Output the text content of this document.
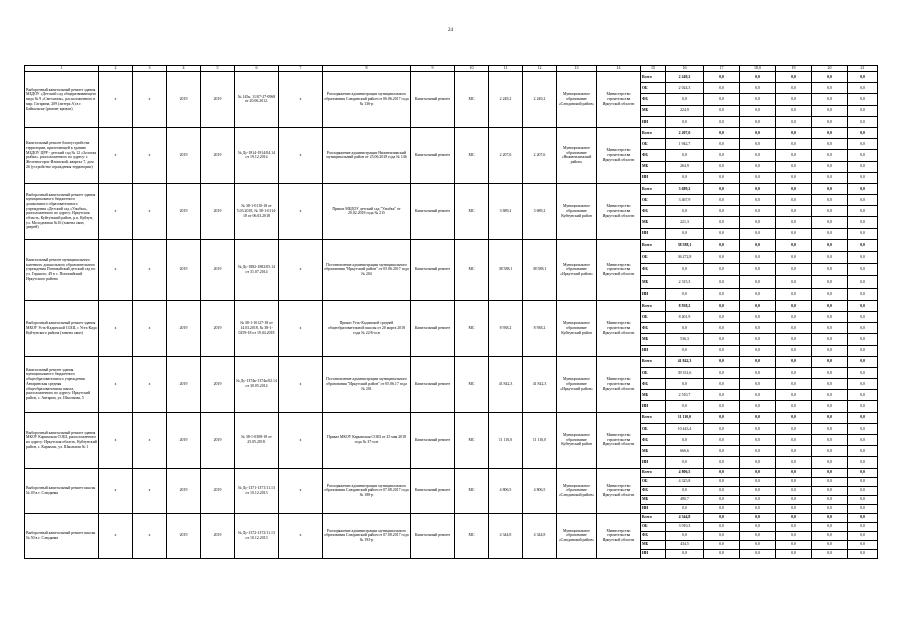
24
1	2	3	4	5	6	7	8	9	10	11	12	13	14	15	16	17	18,0	19	20	21
Выборочный капитальный ремонт здания МБДОУ «Детский сад общеразвивающего вида № 9 «Светлячок», расположенного в мкр. Гагарина, 209 (литера А) в г. Байкальске (ремонт кровли)	х	х	2019	2019	№ 145к. 11/07-27-0968 от 20.06.2012.	х	Распоряжение администрации муниципального образования Слюдянский район от 06.06.2017 года № 136-р	Капитальный ремонт	МС	2 249,2	2 249,2	Муниципальное образование «Слюдянский район»	Министерство строительства Иркутской области	Всего	2 249,2	0,0	0,0	0,0	0,0	0,0
														ОБ	2 024,3	0,0	0,0	0,0	0,0	0,0
														ФБ	0,0	0,0	0,0	0,0	0,0	0,0
														МБ	224,9	0,0	0,0	0,0	0,0	0,0
														ИИ	0,0	0,0	0,0	0,0	0,0	0,0
Капитальный ремонт благоустройства территории, прилегающей к зданию МБДОУ ЦРР - детский сад № 12 «Золотая рыбка», расположенного по адресу: г. Железногорск-Илимский, квартал 7, дом 26 (устройство ограждения территории)	х	х	2019	2019	№ Дс-1814-1814/04.14 от 19.12.2014	х	Распоряжение администрации Нижнеилимский муниципальный район от 25.06.2018 года № 146	Капитальный ремонт	МС	2 207,6	2 207,6	Муниципальное образование «Нижнеилимский район»	Министерство строительства Иркутской области	Всего	2 207,6	0,0	0,0	0,0	0,0	0,0
														ОБ	1 942,7	0,0	0,0	0,0	0,0	0,0
														ФБ	0,0	0,0	0,0	0,0	0,0	0,0
														МБ	264,9	0,0	0,0	0,0	0,0	0,0
														ИИ	0,0	0,0	0,0	0,0	0,0	0,0
Выборочный капитальный ремонт здания муниципального бюджетного дошкольного образовательного учреждения «Детский сад «Улыбка», расположенного по адресу: Иркутская область, Куйтунский район, р.п. Куйтун, ул. Молодежная №16 (замена окон, дверей)	х	х	2019	2019	№ 38-1-0110-18 от 5.03.2018, № 38-1-0114-18 от 06.03.2018	х	Приказ МБДОУ детский сад "Улыбка" от 20.02.2018 года № 215	Капитальный ремонт	МС	3 689,2	3 689,2	Муниципальное образование Куйтунский район	Министерство строительства Иркутской области	Всего	3 689,2	0,0	0,0	0,0	0,0	0,0
														ОБ	3 467,9	0,0	0,0	0,0	0,0	0,0
														ФБ	0,0	0,0	0,0	0,0	0,0	0,0
														МБ	221,3	0,0	0,0	0,0	0,0	0,0
														ИИ	0,0	0,0	0,0	0,0	0,0	0,0
Капитальный ремонт муниципального казенного дошкольного образовательного учреждения Пономайский детский сад по ул. Горького, 49 в с. Пономайский Иркутского района	х	х	2019	2019	№ Дс-1882-1882/05.14 от 31.07.2014	х	Постановление администрации муниципального образования "Иркутский район" от 05.06.2017 года № 204	Капитальный ремонт	МС	38 588,1	38 588,1	Муниципальное образование «Иркутский район»	Министерство строительства Иркутской области	Всего	38 588,1	0,0	0,0	0,0	0,0	0,0
														ОБ	36 272,8	0,0	0,0	0,0	0,0	0,0
														ФБ	0,0	0,0	0,0	0,0	0,0	0,0
														МБ	2 315,3	0,0	0,0	0,0	0,0	0,0
														ИИ	0,0	0,0	0,0	0,0	0,0	0,0
Выборочный капитальный ремонт здания МКОУ Усть-Кадинской СОШ, с Усть-Када Куйтунского района (замена окон)	х	х	2019	2019	№ 38-1-10127-18 от 14.03.2018, № 38-1-0259-18 от 19.04.2018	х	Приказ Усть-Кадинской средней общеобразовательной школы от 20 марта 2018 года № 22/6-осн	Капитальный ремонт	МС	8 938,2	8 938,2	Муниципальное образование Куйтунский район	Министерство строительства Иркутской области	Всего	8 938,2	0,0	0,0	0,0	0,0	0,0
														ОБ	8 401,9	0,0	0,0	0,0	0,0	0,0
														ФБ	0,0	0,0	0,0	0,0	0,0	0,0
														МБ	536,3	0,0	0,0	0,0	0,0	0,0
														ИИ	0,0	0,0	0,0	0,0	0,0	0,0
Капитальный ремонт здания муниципального бюджетного общеобразовательного учреждения Автаринская средняя общеобразовательная школа, расположенного по адресу: Иркутский район, с. Автарин, ул. Школьная, 5	х	х	2019	2019	№ Дс-1374к-1374к/02.14 от 30.05.2014	х	Постановление администрации муниципального образования "Иркутский район" от 05.06.17 года № 201	Капитальный ремонт	МС	41 842,3	41 842,3	Муниципальное образование «Иркутский район»	Министерство строительства Иркутской области	Всего	41 842,3	0,0	0,0	0,0	0,0	0,0
														ОБ	39 331,6	0,0	0,0	0,0	0,0	0,0
														ФБ	0,0	0,0	0,0	0,0	0,0	0,0
														МБ	2 510,7	0,0	0,0	0,0	0,0	0,0
														ИИ	0,0	0,0	0,0	0,0	0,0	0,0
Выборочный капитальный ремонт здания МКОУ Карымская СОШ, расположенного по адресу: Иркутская область, Куйтунский район, с. Карымск, ул. Школьная № 1	х	х	2019	2019	№ 38-1-0308-18 от 25.05.2018.	х	Приказ МКОУ Карымская СОШ от 25 мая 2018 года № 37-осн	Капитальный ремонт	МС	11 110,0	11 110,0	Муниципальное образование Куйтунский район	Министерство строительства Иркутской области	Всего	11 110,0	0,0	0,0	0,0	0,0	0,0
														ОБ	10 443,4	0,0	0,0	0,0	0,0	0,0
														ФБ	0,0	0,0	0,0	0,0	0,0	0,0
														МБ	666,6	0,0	0,0	0,0	0,0	0,0
														ИИ	0,0	0,0	0,0	0,0	0,0	0,0
Выборочный капитальный ремонт школы № 49 в г. Слюдянка	х	х	2019	2019	№ Дс-1371-1371/11.13 от 10.12.2013	х	Распоряжение администрации муниципального образования Слюдянский район от 07.08.2017 года № 188-р	Капитальный ремонт	МС	4 806,5	4 806,5	Муниципальное образование «Слюдянский район»	Министерство строительства Иркутской области	Всего	4 806,5	0,0	0,0	0,0	0,0	0,0
														ОБ	4 325,8	0,0	0,0	0,0	0,0	0,0
														ФБ	0,0	0,0	0,0	0,0	0,0	0,0
														МБ	480,7	0,0	0,0	0,0	0,0	0,0
														ИИ	0,0	0,0	0,0	0,0	0,0	0,0
Выборочный капитальный ремонт школы № 50 в г. Слюдянка	х	х	2019	2019	№ Дс-1372-1372/11.13 от 10.12.2013	х	Распоряжение администрации муниципального образования Слюдянский район от 07.08.2017 года № 193-р	Капитальный ремонт	МС	4 344,8	4 344,8	Муниципальное образование «Слюдянский район»	Министерство строительства Иркутской области	Всего	4 344,8	0,0	0,0	0,0	0,0	0,0
														ОБ	3 910,3	0,0	0,0	0,0	0,0	0,0
														ФБ	0,0	0,0	0,0	0,0	0,0	0,0
														МБ	434,5	0,0	0,0	0,0	0,0	0,0
														ИИ	0,0	0,0	0,0	0,0	0,0	0,0
